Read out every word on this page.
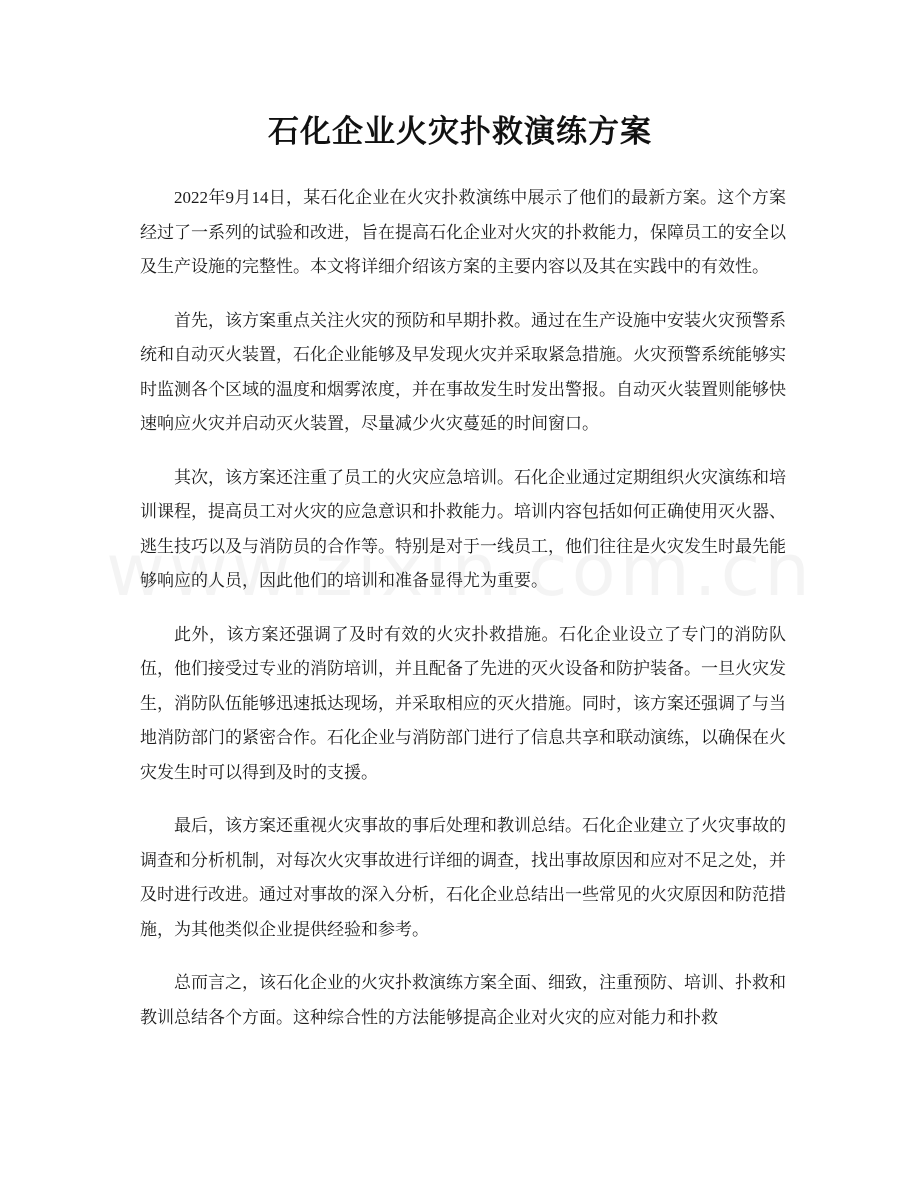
石化企业火灾扑救演练方案

2022年9月14日，某石化企业在火灾扑救演练中展示了他们的最新方案。这个方案经过了一系列的试验和改进，旨在提高石化企业对火灾的扑救能力，保障员工的安全以及生产设施的完整性。本文将详细介绍该方案的主要内容以及其在实践中的有效性。

首先，该方案重点关注火灾的预防和早期扑救。通过在生产设施中安装火灾预警系统和自动灭火装置，石化企业能够及早发现火灾并采取紧急措施。火灾预警系统能够实时监测各个区域的温度和烟雾浓度，并在事故发生时发出警报。自动灭火装置则能够快速响应火灾并启动灭火装置，尽量减少火灾蔓延的时间窗口。

其次，该方案还注重了员工的火灾应急培训。石化企业通过定期组织火灾演练和培训课程，提高员工对火灾的应急意识和扑救能力。培训内容包括如何正确使用灭火器、逃生技巧以及与消防员的合作等。特别是对于一线员工，他们往往是火灾发生时最先能够响应的人员，因此他们的培训和准备显得尤为重要。

此外，该方案还强调了及时有效的火灾扑救措施。石化企业设立了专门的消防队伍，他们接受过专业的消防培训，并且配备了先进的灭火设备和防护装备。一旦火灾发生，消防队伍能够迅速抵达现场，并采取相应的灭火措施。同时，该方案还强调了与当地消防部门的紧密合作。石化企业与消防部门进行了信息共享和联动演练，以确保在火灾发生时可以得到及时的支援。

最后，该方案还重视火灾事故的事后处理和教训总结。石化企业建立了火灾事故的调查和分析机制，对每次火灾事故进行详细的调查，找出事故原因和应对不足之处，并及时进行改进。通过对事故的深入分析，石化企业总结出一些常见的火灾原因和防范措施，为其他类似企业提供经验和参考。

总而言之，该石化企业的火灾扑救演练方案全面、细致，注重预防、培训、扑救和教训总结各个方面。这种综合性的方法能够提高企业对火灾的应对能力和扑救
